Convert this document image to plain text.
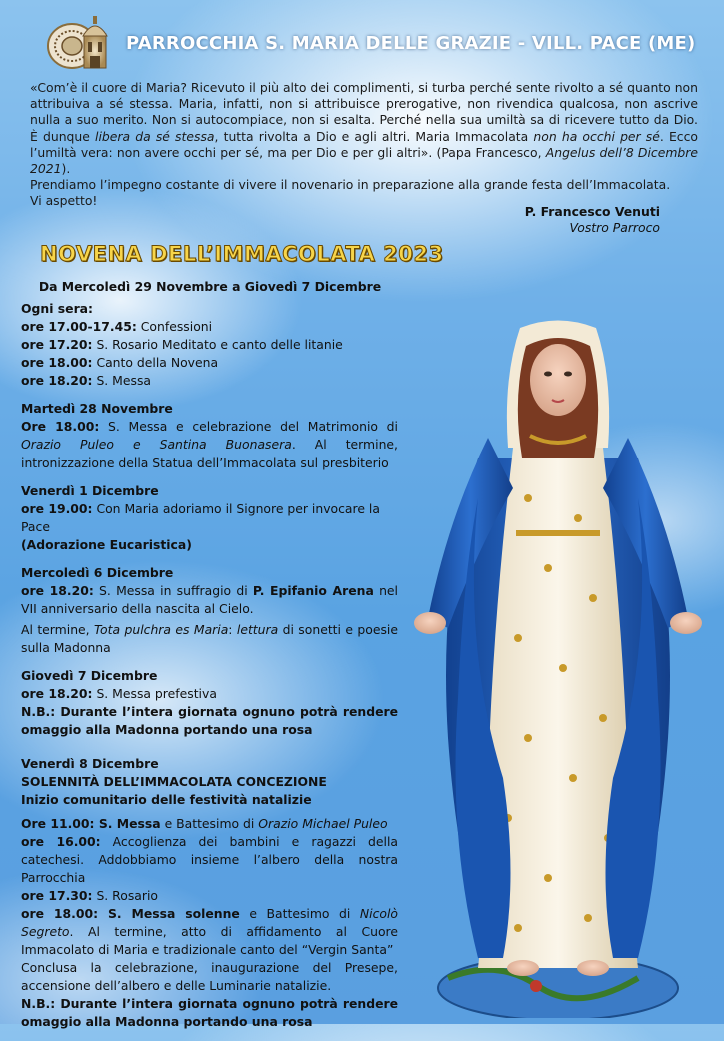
PARROCCHIA S. MARIA DELLE GRAZIE - VILL. PACE (ME)

«Com’è il cuore di Maria? Ricevuto il più alto dei complimenti, si turba perché sente rivolto a sé quanto non attribuiva a sé stessa. Maria, infatti, non si attribuisce prerogative, non rivendica qualcosa, non ascrive nulla a suo merito. Non si autocompiace, non si esalta. Perché nella sua umiltà sa di ricevere tutto da Dio. È dunque libera da sé stessa, tutta rivolta a Dio e agli altri. Maria Immacolata non ha occhi per sé. Ecco l’umiltà vera: non avere occhi per sé, ma per Dio e per gli altri». (Papa Francesco, Angelus dell’8 Dicembre 2021).

Prendiamo l’impegno costante di vivere il novenario in preparazione alla grande festa dell’Immacolata.

Vi aspetto!

P. Francesco Venuti
Vostro Parroco
NOVENA DELL’IMMACOLATA 2023
Da Mercoledì 29 Novembre a Giovedì 7 Dicembre
Ogni sera:
ore 17.00-17.45: Confessioni
ore 17.20: S. Rosario Meditato e canto delle litanie
ore 18.00: Canto della Novena
ore 18.20: S. Messa
Martedì 28 Novembre
Ore 18.00: S. Messa e celebrazione del Matrimonio di Orazio Puleo e Santina Buonasera. Al termine, intronizzazione della Statua dell’Immacolata sul presbiterio
Venerdì 1 Dicembre
ore 19.00: Con Maria adoriamo il Signore per invocare la Pace
(Adorazione Eucaristica)
Mercoledì 6 Dicembre
ore 18.20: S. Messa in suffragio di P. Epifanio Arena nel VII anniversario della nascita al Cielo.
Al termine, Tota pulchra es Maria: lettura di sonetti e poesie sulla Madonna
Giovedì 7 Dicembre
ore 18.20: S. Messa prefestiva
N.B.: Durante l’intera giornata ognuno potrà rendere omaggio alla Madonna portando una rosa
Venerdì 8 Dicembre
SOLENNITÀ DELL’IMMACOLATA CONCEZIONE
Inizio comunitario delle festività natalizie
Ore 11.00: S. Messa e Battesimo di Orazio Michael Puleo
ore 16.00: Accoglienza dei bambini e ragazzi della catechesi. Addobbiamo insieme l’albero della nostra Parrocchia
ore 17.30: S. Rosario
ore 18.00: S. Messa solenne e Battesimo di Nicolò Segreto. Al termine, atto di affidamento al Cuore Immacolato di Maria e tradizionale canto del “Vergin Santa”
Conclusa la celebrazione, inaugurazione del Presepe, accensione dell’albero e delle Luminarie natalizie.
N.B.: Durante l’intera giornata ognuno potrà rendere omaggio alla Madonna portando una rosa
